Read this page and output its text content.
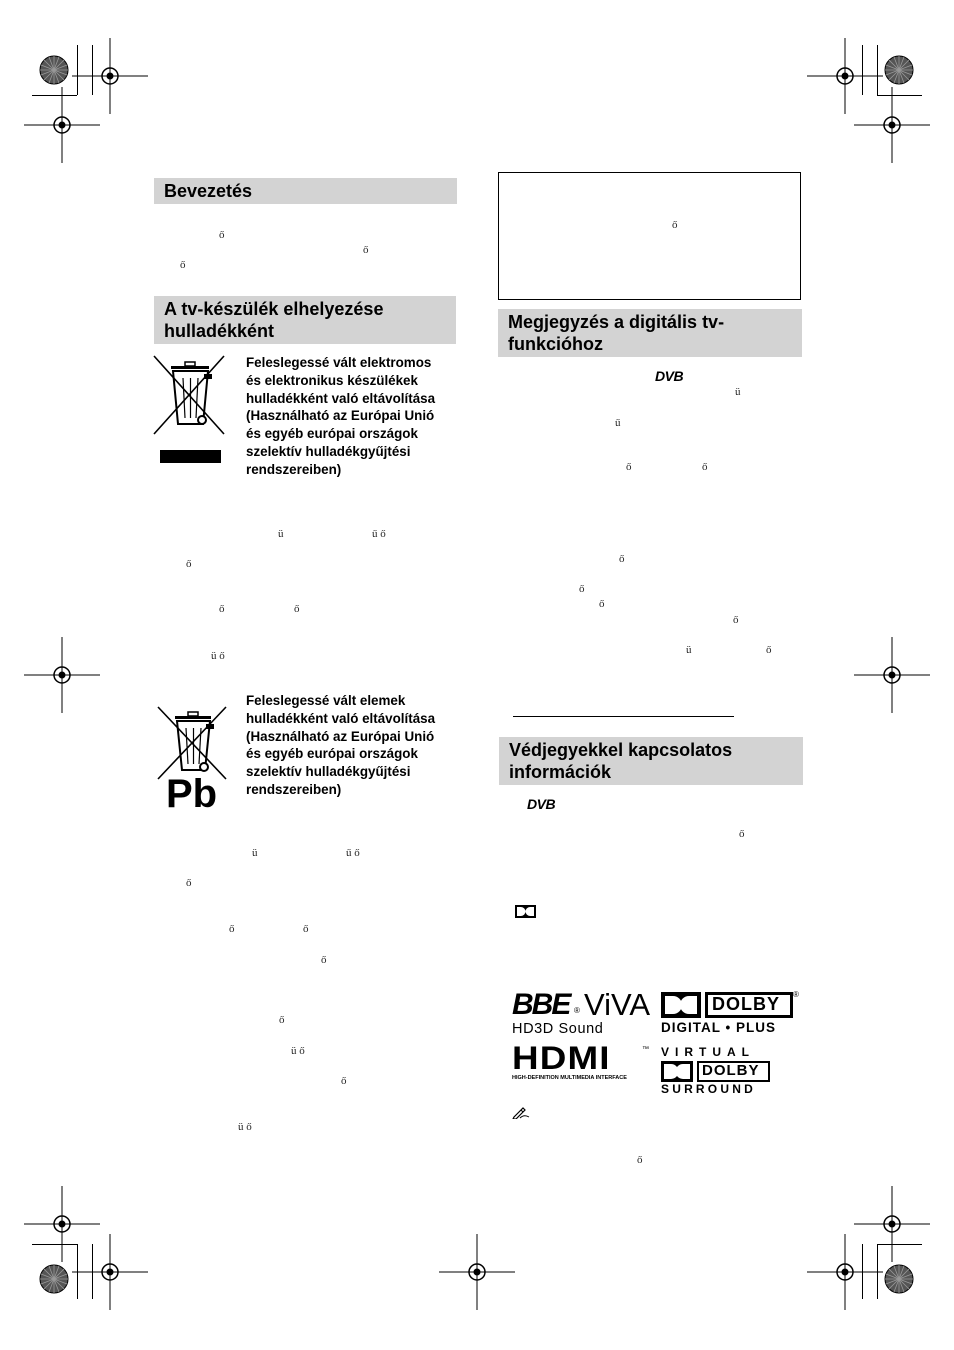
Bevezetés
ő
ő
ő
A tv-készülék elhelyezése hulladékként
Feleslegessé vált elektromos
és elektronikus készülékek
hulladékként való eltávolítása
(Használható az Európai Unió
és egyéb európai országok
szelektív hulladékgyűjtési
rendszereiben)
ü	ű ő
ő
ő	ő
ü ő
Pb
Feleslegessé vált elemek
hulladékként való eltávolítása
(Használható az Európai Unió
és egyéb európai országok
szelektív hulladékgyűjtési
rendszereiben)
ü	ű ő
ő
ő	ő
ő
ő
ü ő
ő
ü ő
ő
Megjegyzés a digitális tv-funkcióhoz
DVB
ü
ű
ő	ő
ő
ő
ő
ő
ü	ő
Védjegyekkel kapcsolatos információk
DVB
ő
BBE ® ViVA
HD3D Sound
DOLBY ®
DIGITAL • PLUS
HDMI	™
HIGH-DEFINITION MULTIMEDIA INTERFACE
VIRTUAL
DOLBY
SURROUND
ő
